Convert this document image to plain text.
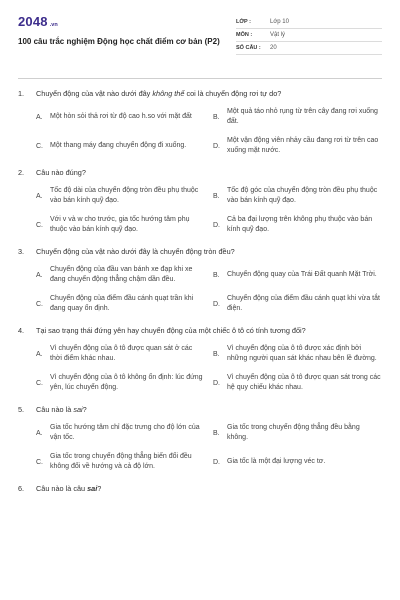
2048 .vn
100 câu trắc nghiệm Động học chất điểm cơ bản (P2)
LỚP :	Lớp 10
MÔN :	Vật lý
SỐ CÂU :	20
1.	Chuyển động của vật nào dưới đây không thể coi là chuyển động rơi tự do?
A.	Một hòn sỏi thả rơi từ độ cao h.so với mặt đất	B.
Một quả táo nhỏ rụng từ trên cây đang rơi xuống đất.
C.	Một thang máy đang chuyển động đi xuống.	D.
Một vận động viên nhảy cầu đang rơi từ trên cao xuống mặt nước.
2.	Câu nào đúng?
A.
Tốc độ dài của chuyển động tròn đều phụ thuộc vào bán kính quỹ đạo.
B.
Tốc độ góc của chuyển động tròn đều phụ thuộc vào bán kính quỹ đạo.
C.
Với v và w cho trước, gia tốc hướng tâm phụ thuộc vào bán kính quỹ đạo.
D.
Cả ba đại lượng trên không phụ thuộc vào bán kính quỹ đạo.
3.	Chuyển động của vật nào dưới đây là chuyển động tròn đều?
A.
Chuyển động của đầu van bánh xe đạp khi xe đang chuyển động thẳng chậm dần đều.
B.	Chuyển động quay của Trái Đất quanh Mặt Trời.
C.
Chuyển động của điểm đầu cánh quạt trần khi đang quay ổn định.
D.
Chuyển động của điểm đầu cánh quạt khi vừa tắt điện.
4.	Tại sao trạng thái đứng yên hay chuyển động của một chiếc ô tô có tính tương đối?
A.
Vì chuyển động của ô tô được quan sát ở các thời điểm khác nhau.
B.
Vì chuyển động của ô tô được xác định bởi những người quan sát khác nhau bên lề đường.
C.
Vì chuyển động của ô tô không ổn định: lúc đứng yên, lúc chuyển động.
D.
Vì chuyển động của ô tô được quan sát trong các hệ quy chiếu khác nhau.
5.	Câu nào là sai?
A.
Gia tốc hướng tâm chỉ đặc trưng cho độ lớn của vận tốc.
B.
Gia tốc trong chuyển động thẳng đều bằng không.
C.
Gia tốc trong chuyển động thẳng biến đổi đều không đổi về hướng và cả độ lớn.
D.	Gia tốc là một đại lượng véc tơ.
6.	Câu nào là câu sai?
